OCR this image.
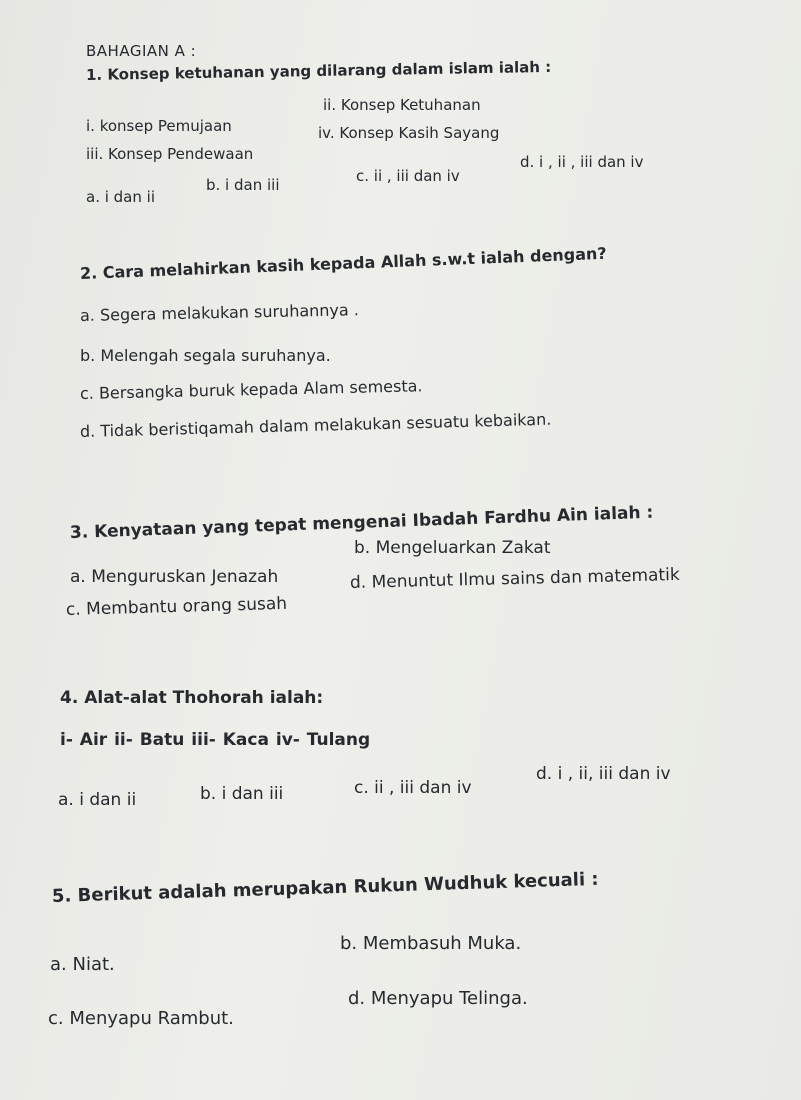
BAHAGIAN A :
1. Konsep ketuhanan yang dilarang dalam islam ialah :
i. konsep Pemujaan
ii. Konsep Ketuhanan
iii. Konsep Pendewaan
iv. Konsep Kasih Sayang
a. i dan ii
b. i dan iii	c. ii , iii dan iv
d. i , ii , iii dan iv
2. Cara melahirkan kasih kepada Allah s.w.t ialah dengan?
a. Segera melakukan suruhannya .
b. Melengah segala suruhanya.
c. Bersangka buruk kepada Alam semesta.
d. Tidak beristiqamah dalam melakukan sesuatu kebaikan.
3. Kenyataan yang tepat mengenai Ibadah Fardhu Ain ialah :
a. Menguruskan Jenazah
b. Mengeluarkan Zakat
c. Membantu orang susah
d. Menuntut Ilmu sains dan matematik
4. Alat-alat Thohorah ialah:
i- Air ii- Batu iii- Kaca iv- Tulang
a. i dan ii	b. i dan iii	c. ii , iii dan iv
d. i , ii, iii dan iv
5. Berikut adalah merupakan Rukun Wudhuk kecuali :
a. Niat.
b. Membasuh Muka.
c. Menyapu Rambut.
d. Menyapu Telinga.
